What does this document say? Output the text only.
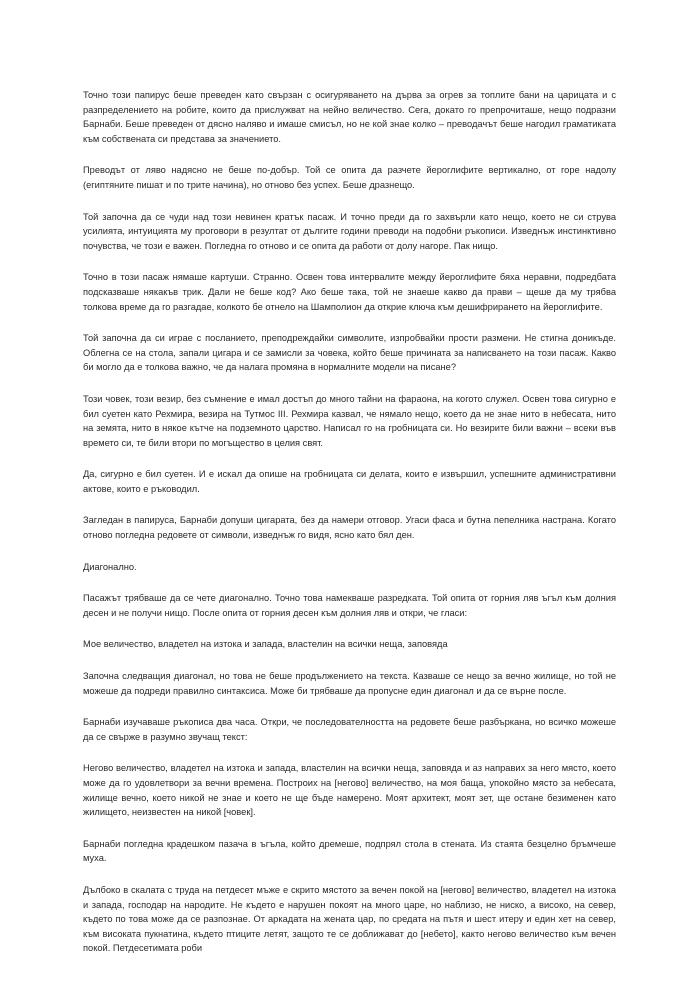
Точно този папирус беше преведен като свързан с осигуряването на дърва за огрев за топлите бани на царицата и с разпределението на робите, които да прислужват на нейно величество. Сега, докато го препрочиташе, нещо подразни Барнаби. Беше преведен от дясно наляво и имаше смисъл, но не кой знае колко – преводачът беше нагодил граматиката към собствената си представа за значението.

Преводът от ляво надясно не беше по-добър. Той се опита да разчете йероглифите вертикално, от горе надолу (египтяните пишат и по трите начина), но отново без успех. Беше дразнещо.

Той започна да се чуди над този невинен кратък пасаж. И точно преди да го захвърли като нещо, което не си струва усилията, интуицията му проговори в резултат от дългите години преводи на подобни ръкописи. Изведнъж инстинктивно почувства, че този е важен. Погледна го отново и се опита да работи от долу нагоре. Пак нищо.

Точно в този пасаж нямаше картуши. Странно. Освен това интервалите между йероглифите бяха неравни, подредбата подсказваше някакъв трик. Дали не беше код? Ако беше така, той не знаеше какво да прави – щеше да му трябва толкова време да го разгадае, колкото бе отнело на Шамполион да открие ключа към дешифрирането на йероглифите.

Той започна да си играе с посланието, преподреждайки символите, изпробвайки прости размени. Не стигна доникъде. Облегна се на стола, запали цигара и се замисли за човека, който беше причината за написването на този пасаж. Какво би могло да е толкова важно, че да налага промяна в нормалните модели на писане?

Този човек, този везир, без съмнение е имал достъп до много тайни на фараона, на когото служел. Освен това сигурно е бил суетен като Рехмира, везира на Тутмос III. Рехмира казвал, че нямало нещо, което да не знае нито в небесата, нито на земята, нито в някое кътче на подземното царство. Написал го на гробницата си. Но везирите били важни – всеки във времето си, те били втори по могъщество в целия свят.

Да, сигурно е бил суетен. И е искал да опише на гробницата си делата, които е извършил, успешните административни актове, които е ръководил.

Загледан в папируса, Барнаби допуши цигарата, без да намери отговор. Угаси фаса и бутна пепелника настрана. Когато отново погледна редовете от символи, изведнъж го видя, ясно като бял ден.

Диагонално.

Пасажът трябваше да се чете диагонално. Точно това намекваше разредката. Той опита от горния ляв ъгъл към долния десен и не получи нищо. После опита от горния десен към долния ляв и откри, че гласи:

Мое величество, владетел на изтока и запада, властелин на всички неща, заповяда

Започна следващия диагонал, но това не беше продължението на текста. Казваше се нещо за вечно жилище, но той не можеше да подреди правилно синтаксиса. Може би трябваше да пропусне един диагонал и да се върне после.

Барнаби изучаваше ръкописа два часа. Откри, че последователността на редовете беше разбъркана, но всичко можеше да се свърже в разумно звучащ текст:

Негово величество, владетел на изтока и запада, властелин на всички неща, заповяда и аз направих за него място, което може да го удовлетвори за вечни времена. Построих на [негово] величество, на моя баща, упокойно място за небесата, жилище вечно, което никой не знае и което не ще бъде намерено. Моят архитект, моят зет, ще остане безименен като жилището, неизвестен на никой [човек].

Барнаби погледна крадешком пазача в ъгъла, който дремеше, подпрял стола в стената. Из стаята безцелно бръмчеше муха.

Дълбоко в скалата с труда на петдесет мъже е скрито мястото за вечен покой на [негово] величество, владетел на изтока и запада, господар на народите. Не където е нарушен покоят на много царе, но наблизо, не ниско, а високо, на север, където по това може да се разпознае. От аркадата на жената цар, по средата на пътя и шест итеру и един хет на север, към високата пукнатина, където птиците летят, защото те се доближават до [небето], както негово величество към вечен покой. Петдесетимата роби
